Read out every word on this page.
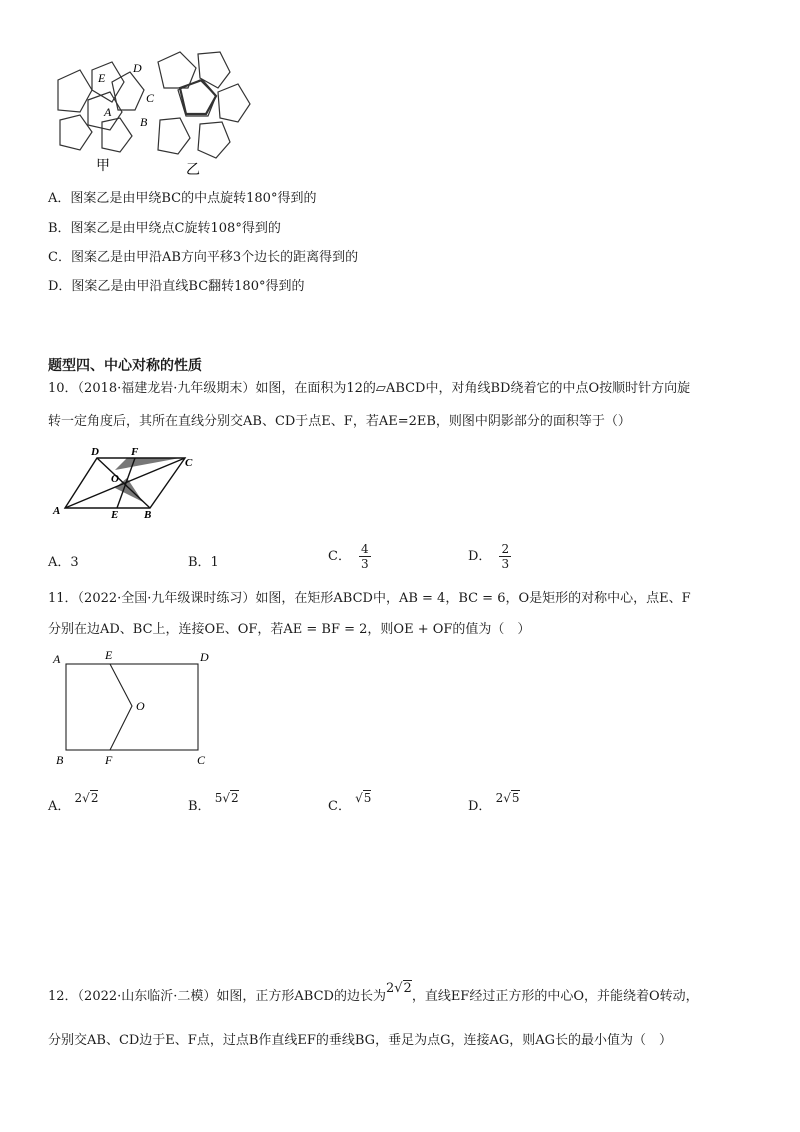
E
D
A
C
B
甲	乙
A．图案乙是由甲绕BC的中点旋转180°得到的
B．图案乙是由甲绕点C旋转108°得到的
C．图案乙是由甲沿AB方向平移3个边长的距离得到的
D．图案乙是由甲沿直线BC翻转180°得到的
题型四、中心对称的性质
10．（2018·福建龙岩·九年级期末）如图，在面积为12的▱ABCD中，对角线BD绕着它的中点O按顺时针方向旋
转一定角度后，其所在直线分别交AB、CD于点E、F，若AE=2EB，则图中阴影部分的面积等于（）
D	F
C
O
A	E B
A．3	B．1	C． $\frac{4}{3}$	D． $\frac{2}{3}$
11．（2022·全国·九年级课时练习）如图，在矩形ABCD中，AB = 4，BC = 6，O是矩形的对称中心，点E、F
分别在边AD、BC上，连接OE、OF，若AE = BF = 2，则OE + OF的值为（　）
A	E	D
O
B	F	C
A． 2√2
B． 5√2
C． √5
D． 2√5
12．（2022·山东临沂·二模）如图，正方形ABCD的边长为2√2，直线EF经过正方形的中心O，并能绕着O转动，
分别交AB、CD边于E、F点，过点B作直线EF的垂线BG，垂足为点G，连接AG，则AG长的最小值为（　）
